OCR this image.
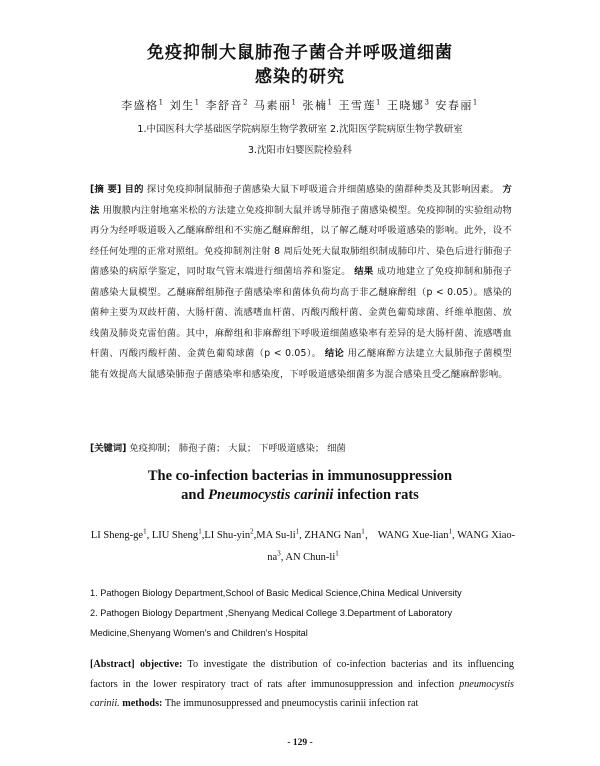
免疫抑制大鼠肺孢子菌合并呼吸道细菌
感染的研究
李盛格$^1$ 刘生$^1$ 李舒音$^2$ 马素丽$^1$ 张楠$^1$ 王雪莲$^1$ 王晓娜$^3$ 安春丽$^1$
1.中国医科大学基础医学院病原生物学教研室 2.沈阳医学院病原生物学教研室
3.沈阳市妇婴医院检验科
[摘 要] 目的 探讨免疫抑制鼠肺孢子菌感染大鼠下呼吸道合并细菌感染的菌群种类及其影响因素。 方法 用腹膜内注射地塞米松的方法建立免疫抑制大鼠并诱导肺孢子菌感染模型。免疫抑制的实验组动物再分为经呼吸道吸入乙醚麻醉组和不实施乙醚麻醉组，以了解乙醚对呼吸道感染的影响。此外，设不经任何处理的正常对照组。免疫抑制剂注射 8 周后处死大鼠取肺组织制成肺印片、染色后进行肺孢子菌感染的病原学鉴定，同时取气管末端进行细菌培养和鉴定。 结果 成功地建立了免疫抑制和肺孢子菌感染大鼠模型。乙醚麻醉组肺孢子菌感染率和菌体负荷均高于非乙醚麻醉组（p < 0.05）。感染的菌种主要为双歧杆菌、大肠杆菌、流感嗜血杆菌、丙酸丙酸杆菌、金黄色葡萄球菌、纤维单胞菌、放线菌及肺炎克雷伯菌。其中，麻醉组和非麻醉组下呼吸道细菌感染率有差异的是大肠杆菌、流感嗜血杆菌、丙酸丙酸杆菌、金黄色葡萄球菌（p < 0.05）。 结论 用乙醚麻醉方法建立大鼠肺孢子菌模型能有效提高大鼠感染肺孢子菌感染率和感染度，下呼吸道感染细菌多为混合感染且受乙醚麻醉影响。
[关键词] 免疫抑制； 肺孢子菌； 大鼠； 下呼吸道感染； 细菌
The co-infection bacterias in immunosuppression
and Pneumocystis carinii infection rats
LI Sheng-$ge^1$, LIU Sheng$^1$,LI Shu-yin$^2$,MA $Su-li^1$, ZHANG Nan$^1$， WANG Xue-lian$^1$, WANG Xiao-$na^3$, AN Chun-$li^1$
1. Pathogen Biology Department,School of Basic Medical Science,China Medical University
2. Pathogen Biology Department ,Shenyang Medical College 3.Department of Laboratory
Medicine,Shenyang Women's and Children's Hospital
[Abstract] objective: To investigate the distribution of co-infection bacterias and its influencing factors in the lower respiratory tract of rats after immunosuppression and infection pneumocystis carinii. methods: The immunosuppressed and pneumocystis carinii infection rat
- 129 -
